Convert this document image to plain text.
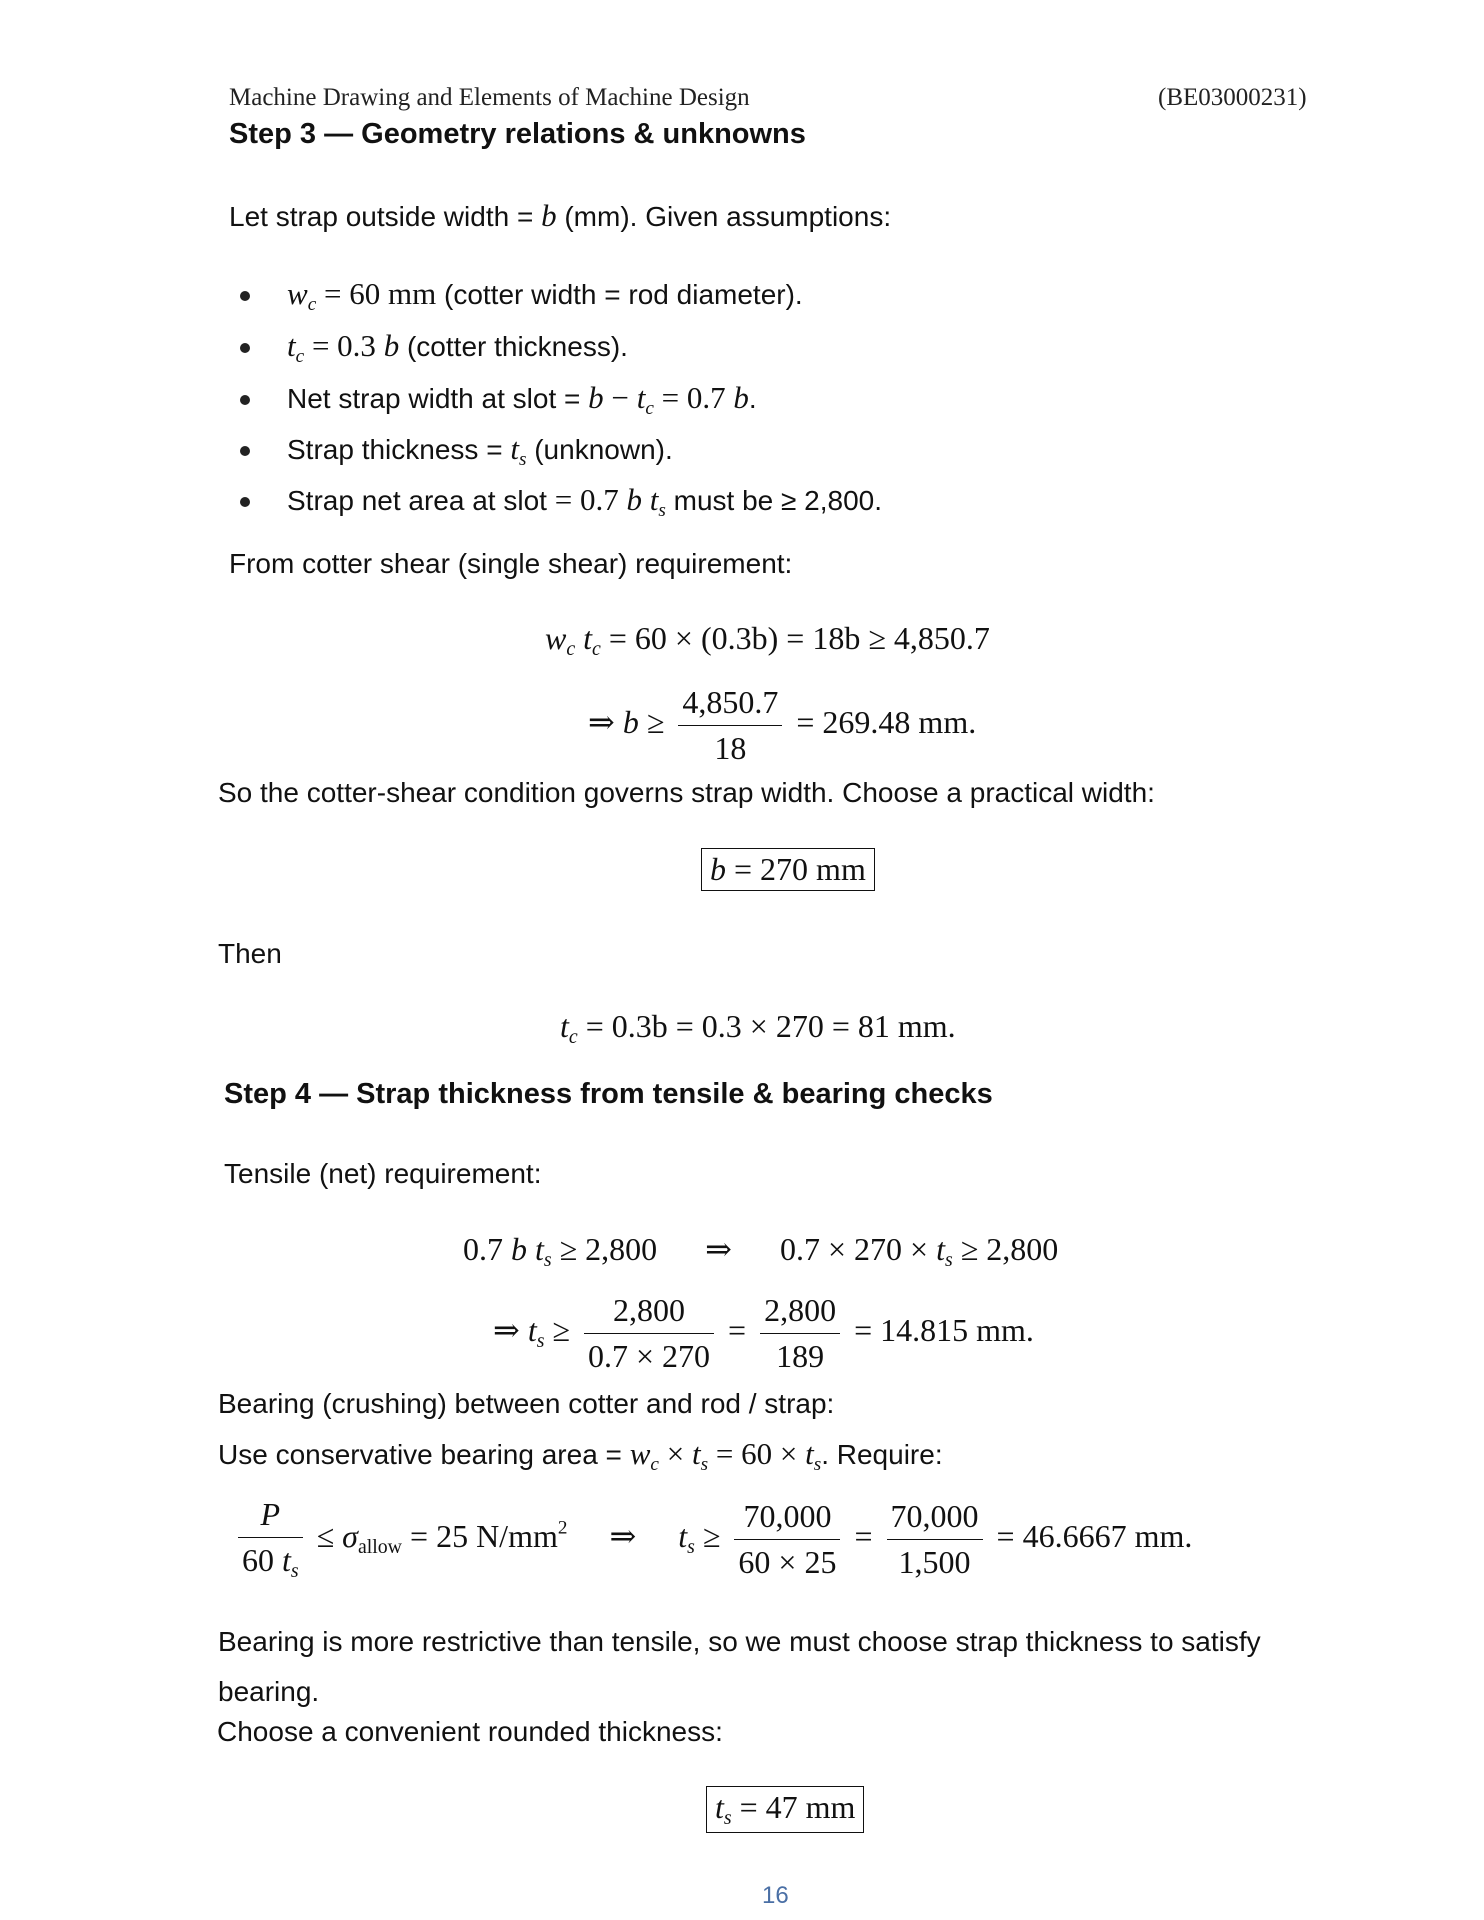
Machine Drawing and Elements of Machine Design	(BE03000231)
Step 3 — Geometry relations & unknowns
Let strap outside width = b (mm). Given assumptions:
$w_c = 60$ mm (cotter width = rod diameter).
$t_c = 0.3$ b (cotter thickness).
Net strap width at slot = $b - t_c = 0.7$ b.
Strap thickness = $t_s$ (unknown).
Strap net area at slot = 0.7 b $t_s$ must be ≥ 2,800.
From cotter shear (single shear) requirement:
$w_c$ $t_c = 60 \times (0.3b) = 18b \ge 4,850.7$
⇒ $b \ge \frac{4,850.7}{18} = 269.48$ mm.
So the cotter-shear condition governs strap width. Choose a practical width:
b = 270 mm
Then
$t_c = 0.3b = 0.3 \times 270 = 81$ mm.
Step 4 — Strap thickness from tensile & bearing checks
Tensile (net) requirement:
0.7 b $t_s \ge 2,800$ ⇒ $0.7 \times 270 \times t_s \ge 2,800$
⇒ $t_s \ge \frac{2,800}{0.7 \times 270} = \frac{2,800}{189} = 14.815$ mm.
Bearing (crushing) between cotter and rod / strap:
Use conservative bearing area = $w_c \times t_s = 60 \times t_s$. Require:
$\frac{P}{60 t_s} \le \sigma_{allow} = 25$ $N/mm^2$ ⇒ $t_s \ge \frac{70,000}{60 \times 25} = \frac{70,000}{1,500} = 46.6667$ mm.
Bearing is more restrictive than tensile, so we must choose strap thickness to satisfy
bearing.
Choose a convenient rounded thickness:
$t_s = 47$ mm
16
